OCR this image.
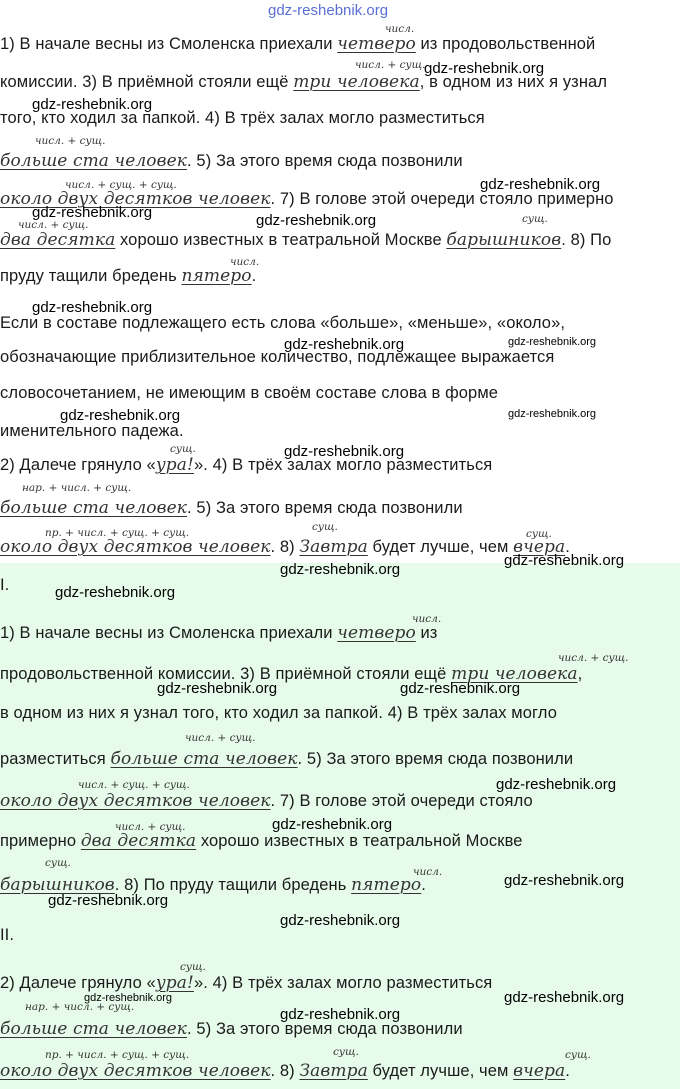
gdz-reshebnik.org
числ.
1) В начале весны из Смоленска приехали четверо из продовольственной
числ. + сущ.
комиссии. 3) В приёмной стояли ещё три человека, в одном из них я узнал
того, кто ходил за папкой. 4) В трёх залах могло разместиться
числ. + сущ.
больше ста человек. 5) За этого время сюда позвонили
числ. + сущ. + сущ.
около двух десятков человек. 7) В голове этой очереди стояло примерно
числ. + сущ.	сущ.
два десятка хорошо известных в театральной Москве барышников. 8) По
числ.
пруду тащили бредень пятеро.
Если в составе подлежащего есть слова «больше», «меньше», «около»,
обозначающие приблизительное количество, подлежащее выражается
словосочетанием, не имеющим в своём составе слова в форме
именительного падежа.
сущ.
2) Далече грянуло «ура!». 4) В трёх залах могло разместиться
нар. + числ. + сущ.
больше ста человек. 5) За этого время сюда позвонили
пр. + числ. + сущ. + сущ.	сущ.
сущ.
около двух десятков человек. 8) Завтра будет лучше, чем вчера.
I.
числ.
1) В начале весны из Смоленска приехали четверо из
числ. + сущ.
продовольственной комиссии. 3) В приёмной стояли ещё три человека,
в одном из них я узнал того, кто ходил за папкой. 4) В трёх залах могло
числ. + сущ.
разместиться больше ста человек. 5) За этого время сюда позвонили
числ. + сущ. + сущ.
около двух десятков человек. 7) В голове этой очереди стояло
числ. + сущ.
примерно два десятка хорошо известных в театральной Москве
сущ.
числ.
барышников. 8) По пруду тащили бредень пятеро.
II.
сущ.
2) Далече грянуло «ура!». 4) В трёх залах могло разместиться
нар. + числ. + сущ.
больше ста человек. 5) За этого время сюда позвонили
пр. + числ. + сущ. + сущ.	сущ.	сущ.
около двух десятков человек. 8) Завтра будет лучше, чем вчера.
gdz-reshebnik.org
gdz-reshebnik.org
gdz-reshebnik.org
gdz-reshebnik.org	gdz-reshebnik.org
gdz-reshebnik.org
gdz-reshebnik.org	gdz-reshebnik.org
gdz-reshebnik.org	gdz-reshebnik.org
gdz-reshebnik.org
gdz-reshebnik.org
gdz-reshebnik.org
gdz-reshebnik.org
gdz-reshebnik.org	gdz-reshebnik.org
gdz-reshebnik.org
gdz-reshebnik.org
gdz-reshebnik.org
gdz-reshebnik.org
gdz-reshebnik.org
gdz-reshebnik.org
gdz-reshebnik.org
gdz-reshebnik.org
